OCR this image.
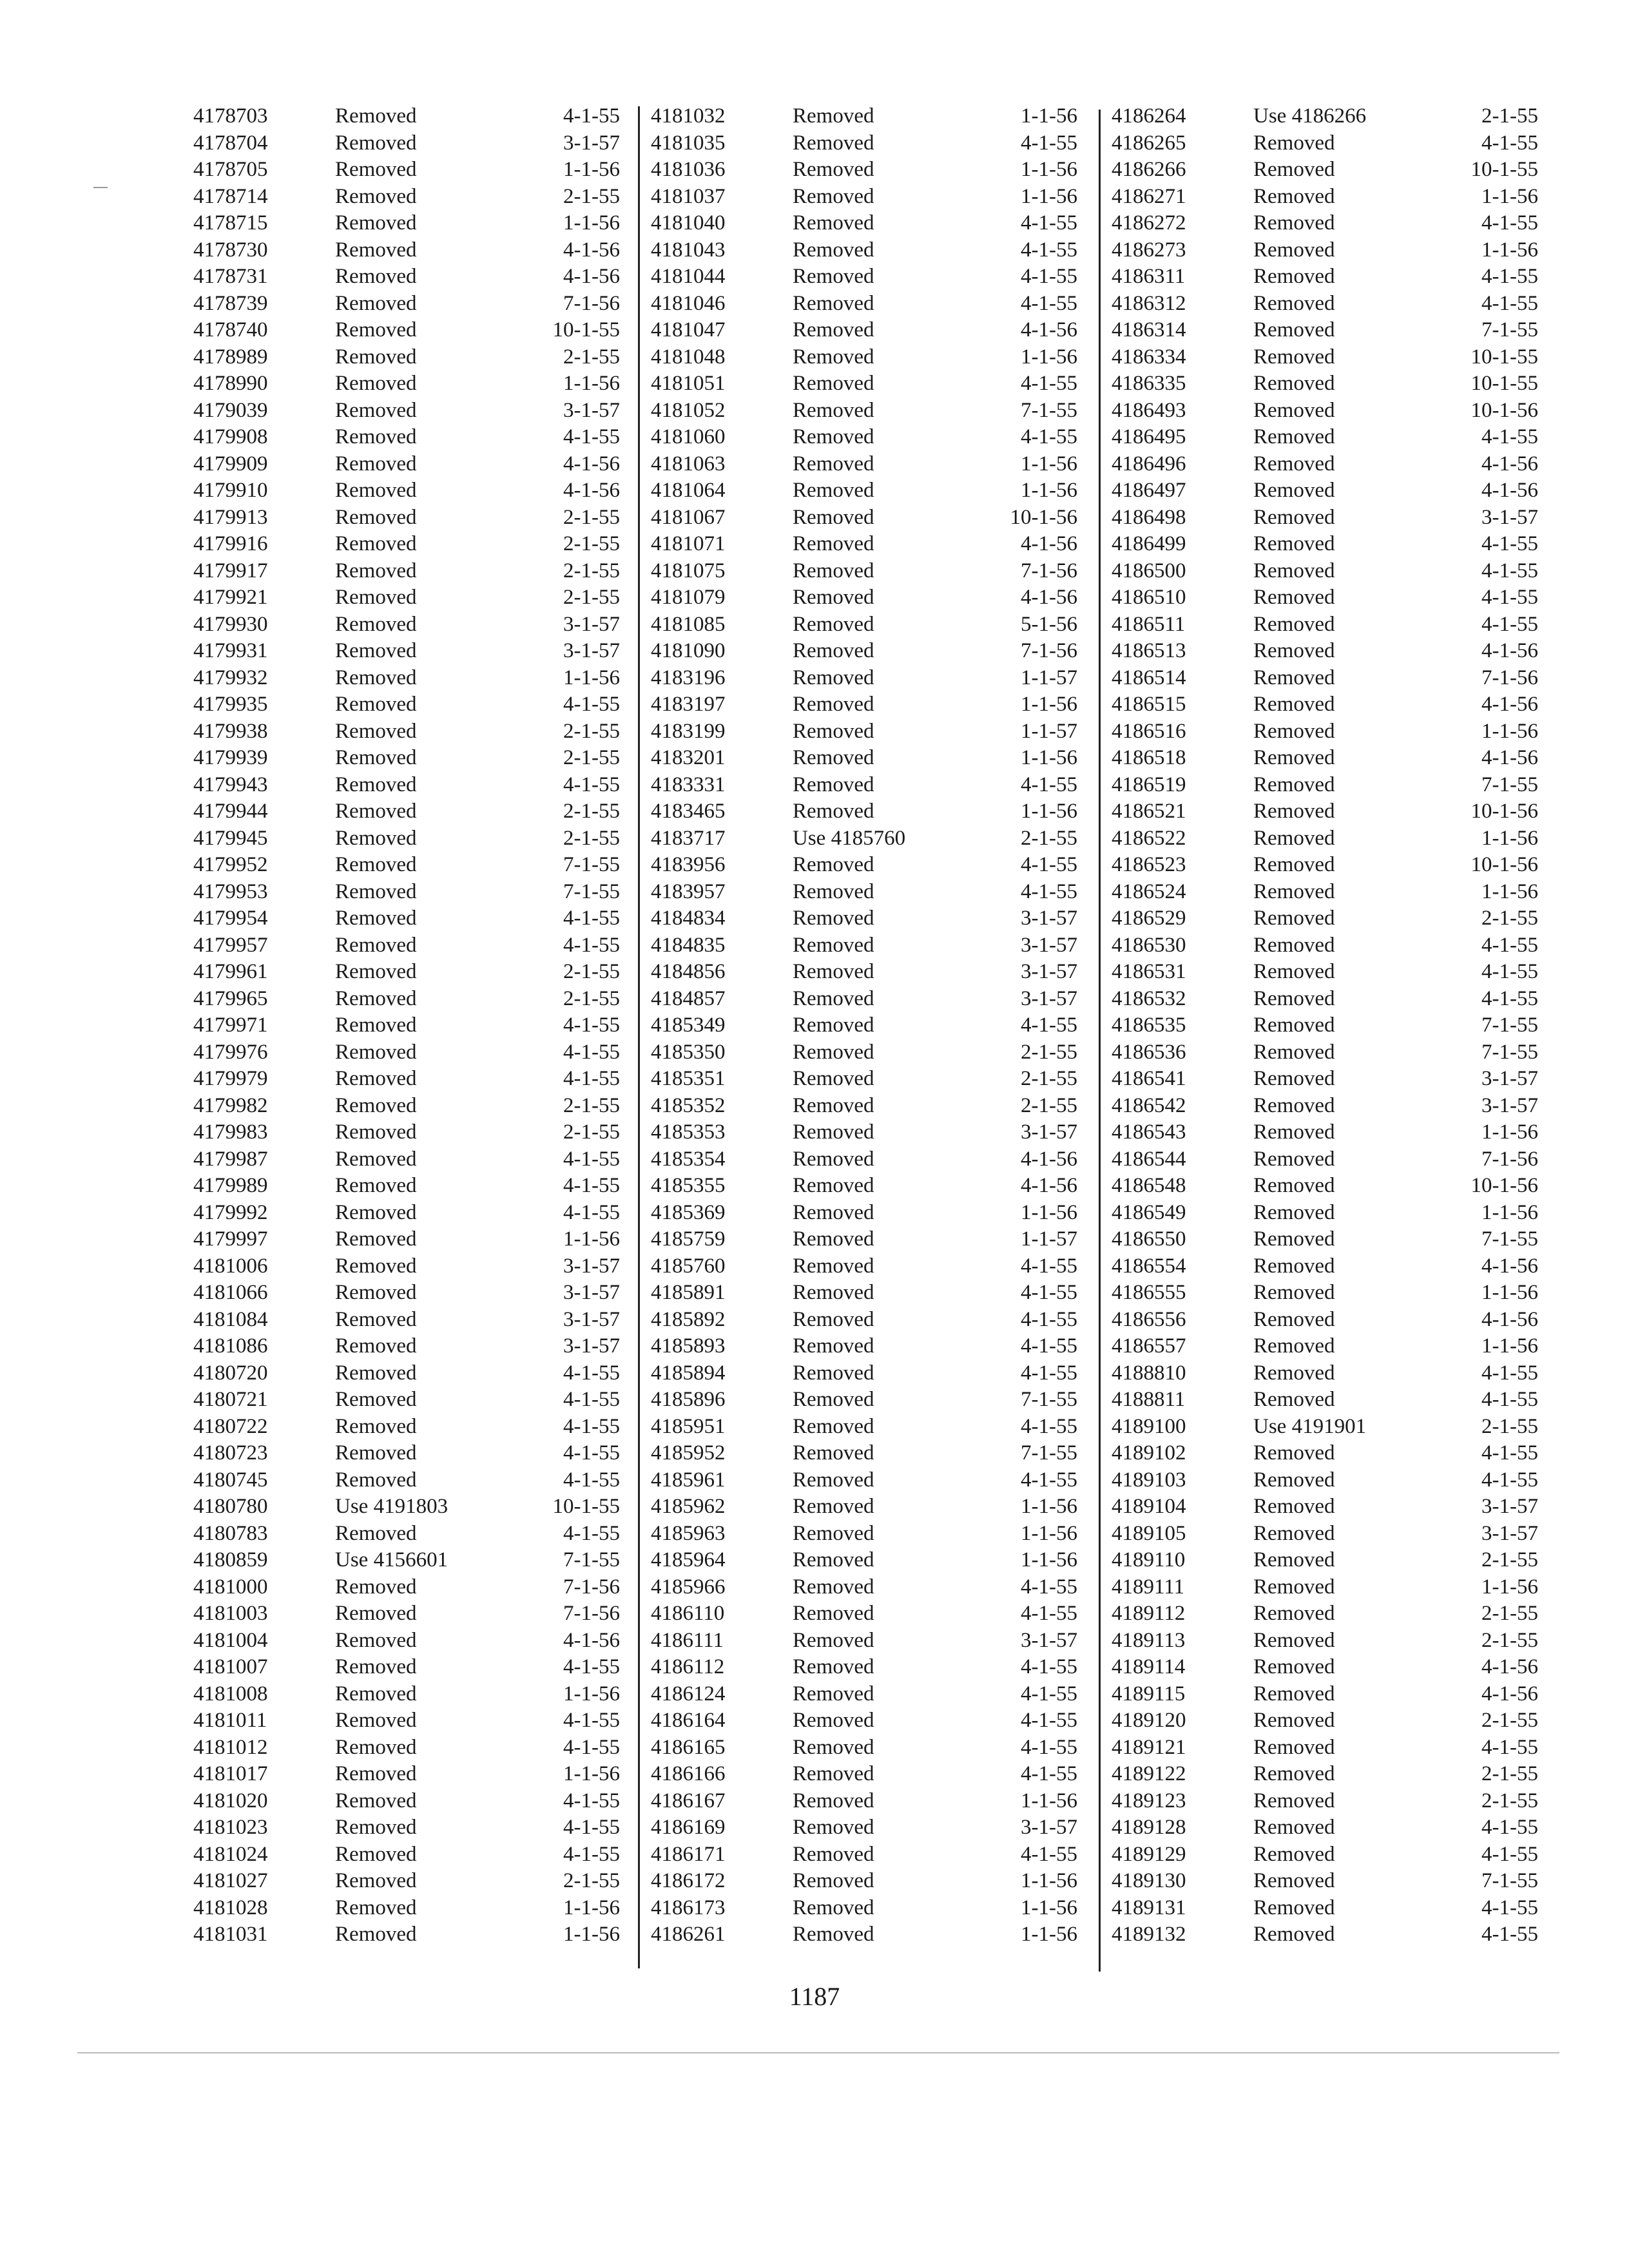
4178703	Removed	4-1-55
4178704	Removed	3-1-57
4178705	Removed	1-1-56
4178714	Removed	2-1-55
4178715	Removed	1-1-56
4178730	Removed	4-1-56
4178731	Removed	4-1-56
4178739	Removed	7-1-56
4178740	Removed	10-1-55
4178989	Removed	2-1-55
4178990	Removed	1-1-56
4179039	Removed	3-1-57
4179908	Removed	4-1-55
4179909	Removed	4-1-56
4179910	Removed	4-1-56
4179913	Removed	2-1-55
4179916	Removed	2-1-55
4179917	Removed	2-1-55
4179921	Removed	2-1-55
4179930	Removed	3-1-57
4179931	Removed	3-1-57
4179932	Removed	1-1-56
4179935	Removed	4-1-55
4179938	Removed	2-1-55
4179939	Removed	2-1-55
4179943	Removed	4-1-55
4179944	Removed	2-1-55
4179945	Removed	2-1-55
4179952	Removed	7-1-55
4179953	Removed	7-1-55
4179954	Removed	4-1-55
4179957	Removed	4-1-55
4179961	Removed	2-1-55
4179965	Removed	2-1-55
4179971	Removed	4-1-55
4179976	Removed	4-1-55
4179979	Removed	4-1-55
4179982	Removed	2-1-55
4179983	Removed	2-1-55
4179987	Removed	4-1-55
4179989	Removed	4-1-55
4179992	Removed	4-1-55
4179997	Removed	1-1-56
4181006	Removed	3-1-57
4181066	Removed	3-1-57
4181084	Removed	3-1-57
4181086	Removed	3-1-57
4180720	Removed	4-1-55
4180721	Removed	4-1-55
4180722	Removed	4-1-55
4180723	Removed	4-1-55
4180745	Removed	4-1-55
4180780	Use 4191803	10-1-55
4180783	Removed	4-1-55
4180859	Use 4156601	7-1-55
4181000	Removed	7-1-56
4181003	Removed	7-1-56
4181004	Removed	4-1-56
4181007	Removed	4-1-55
4181008	Removed	1-1-56
4181011	Removed	4-1-55
4181012	Removed	4-1-55
4181017	Removed	1-1-56
4181020	Removed	4-1-55
4181023	Removed	4-1-55
4181024	Removed	4-1-55
4181027	Removed	2-1-55
4181028	Removed	1-1-56
4181031	Removed	1-1-56
4181032	Removed	1-1-56
4181035	Removed	4-1-55
4181036	Removed	1-1-56
4181037	Removed	1-1-56
4181040	Removed	4-1-55
4181043	Removed	4-1-55
4181044	Removed	4-1-55
4181046	Removed	4-1-55
4181047	Removed	4-1-56
4181048	Removed	1-1-56
4181051	Removed	4-1-55
4181052	Removed	7-1-55
4181060	Removed	4-1-55
4181063	Removed	1-1-56
4181064	Removed	1-1-56
4181067	Removed	10-1-56
4181071	Removed	4-1-56
4181075	Removed	7-1-56
4181079	Removed	4-1-56
4181085	Removed	5-1-56
4181090	Removed	7-1-56
4183196	Removed	1-1-57
4183197	Removed	1-1-56
4183199	Removed	1-1-57
4183201	Removed	1-1-56
4183331	Removed	4-1-55
4183465	Removed	1-1-56
4183717	Use 4185760	2-1-55
4183956	Removed	4-1-55
4183957	Removed	4-1-55
4184834	Removed	3-1-57
4184835	Removed	3-1-57
4184856	Removed	3-1-57
4184857	Removed	3-1-57
4185349	Removed	4-1-55
4185350	Removed	2-1-55
4185351	Removed	2-1-55
4185352	Removed	2-1-55
4185353	Removed	3-1-57
4185354	Removed	4-1-56
4185355	Removed	4-1-56
4185369	Removed	1-1-56
4185759	Removed	1-1-57
4185760	Removed	4-1-55
4185891	Removed	4-1-55
4185892	Removed	4-1-55
4185893	Removed	4-1-55
4185894	Removed	4-1-55
4185896	Removed	7-1-55
4185951	Removed	4-1-55
4185952	Removed	7-1-55
4185961	Removed	4-1-55
4185962	Removed	1-1-56
4185963	Removed	1-1-56
4185964	Removed	1-1-56
4185966	Removed	4-1-55
4186110	Removed	4-1-55
4186111	Removed	3-1-57
4186112	Removed	4-1-55
4186124	Removed	4-1-55
4186164	Removed	4-1-55
4186165	Removed	4-1-55
4186166	Removed	4-1-55
4186167	Removed	1-1-56
4186169	Removed	3-1-57
4186171	Removed	4-1-55
4186172	Removed	1-1-56
4186173	Removed	1-1-56
4186261	Removed	1-1-56
4186264	Use 4186266	2-1-55
4186265	Removed	4-1-55
4186266	Removed	10-1-55
4186271	Removed	1-1-56
4186272	Removed	4-1-55
4186273	Removed	1-1-56
4186311	Removed	4-1-55
4186312	Removed	4-1-55
4186314	Removed	7-1-55
4186334	Removed	10-1-55
4186335	Removed	10-1-55
4186493	Removed	10-1-56
4186495	Removed	4-1-55
4186496	Removed	4-1-56
4186497	Removed	4-1-56
4186498	Removed	3-1-57
4186499	Removed	4-1-55
4186500	Removed	4-1-55
4186510	Removed	4-1-55
4186511	Removed	4-1-55
4186513	Removed	4-1-56
4186514	Removed	7-1-56
4186515	Removed	4-1-56
4186516	Removed	1-1-56
4186518	Removed	4-1-56
4186519	Removed	7-1-55
4186521	Removed	10-1-56
4186522	Removed	1-1-56
4186523	Removed	10-1-56
4186524	Removed	1-1-56
4186529	Removed	2-1-55
4186530	Removed	4-1-55
4186531	Removed	4-1-55
4186532	Removed	4-1-55
4186535	Removed	7-1-55
4186536	Removed	7-1-55
4186541	Removed	3-1-57
4186542	Removed	3-1-57
4186543	Removed	1-1-56
4186544	Removed	7-1-56
4186548	Removed	10-1-56
4186549	Removed	1-1-56
4186550	Removed	7-1-55
4186554	Removed	4-1-56
4186555	Removed	1-1-56
4186556	Removed	4-1-56
4186557	Removed	1-1-56
4188810	Removed	4-1-55
4188811	Removed	4-1-55
4189100	Use 4191901	2-1-55
4189102	Removed	4-1-55
4189103	Removed	4-1-55
4189104	Removed	3-1-57
4189105	Removed	3-1-57
4189110	Removed	2-1-55
4189111	Removed	1-1-56
4189112	Removed	2-1-55
4189113	Removed	2-1-55
4189114	Removed	4-1-56
4189115	Removed	4-1-56
4189120	Removed	2-1-55
4189121	Removed	4-1-55
4189122	Removed	2-1-55
4189123	Removed	2-1-55
4189128	Removed	4-1-55
4189129	Removed	4-1-55
4189130	Removed	7-1-55
4189131	Removed	4-1-55
4189132	Removed	4-1-55
1187
